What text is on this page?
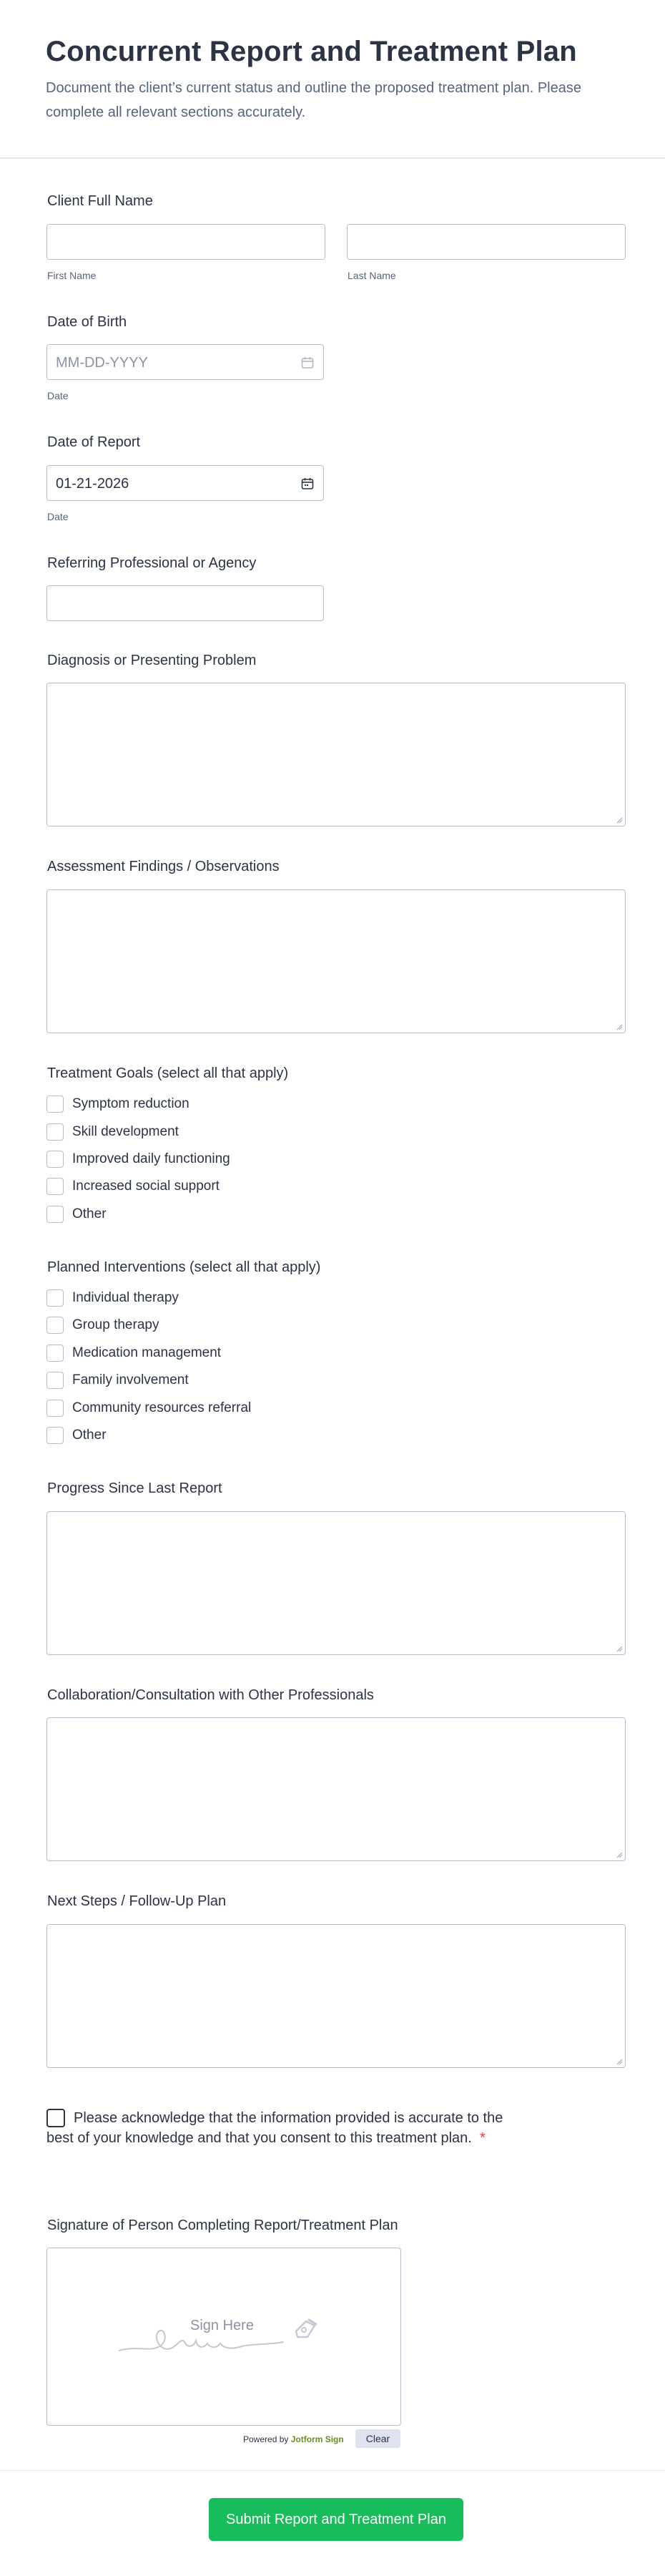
Concurrent Report and Treatment Plan
Document the client’s current status and outline the proposed treatment plan. Please complete all relevant sections accurately.
Client Full Name
First Name	Last Name
Date of Birth
MM-DD-YYYY
Date
Date of Report
01-21-2026
Date
Referring Professional or Agency
Diagnosis or Presenting Problem
Assessment Findings / Observations
Treatment Goals (select all that apply)
Symptom reduction
Skill development
Improved daily functioning
Increased social support
Other
Planned Interventions (select all that apply)
Individual therapy
Group therapy
Medication management
Family involvement
Community resources referral
Other
Progress Since Last Report
Collaboration/Consultation with Other Professionals
Next Steps / Follow-Up Plan
Please acknowledge that the information provided is accurate to the
best of your knowledge and that you consent to this treatment plan. *
Signature of Person Completing Report/Treatment Plan
Sign Here
Powered by Jotform Sign	Clear
Submit Report and Treatment Plan
